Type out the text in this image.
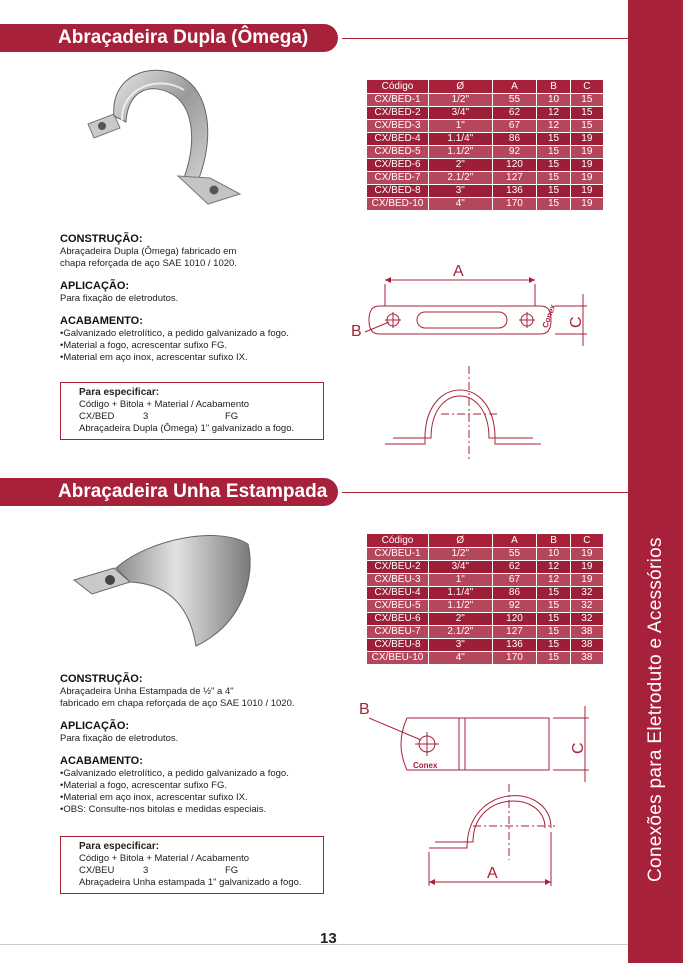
Conexões para Eletroduto e Acessórios
Abraçadeira Dupla (Ômega)
Código	Ø	A	B	C
CX/BED-1	1/2"	55	10	15
CX/BED-2	3/4"	62	12	15
CX/BED-3	1"	67	12	15
CX/BED-4	1.1/4"	86	15	19
CX/BED-5	1.1/2"	92	15	19
CX/BED-6	2"	120	15	19
CX/BED-7	2.1/2"	127	15	19
CX/BED-8	3"	136	15	19
CX/BED-10	4"	170	15	19
CONSTRUÇÃO:
Abraçadeira Dupla (Ômega) fabricado em
chapa reforçada de aço SAE 1010 / 1020.
APLICAÇÃO:
Para fixação de eletrodutos.
ACABAMENTO:
• Galvanizado eletrolítico, a pedido galvanizado a fogo.
• Material a fogo, acrescentar sufixo FG.
• Material em aço inox, acrescentar sufixo IX.
Para especificar:
Código + Bitola + Material / Acabamento
CX/BED	3	FG
Abraçadeira Dupla (Ômega) 1" galvanizado a fogo.
A
Conex C
B
Abraçadeira Unha Estampada
Código	Ø	A	B	C
CX/BEU-1	1/2"	55	10	19
CX/BEU-2	3/4"	62	12	19
CX/BEU-3	1"	67	12	19
CX/BEU-4	1.1/4"	86	15	32
CX/BEU-5	1.1/2"	92	15	32
CX/BEU-6	2"	120	15	32
CX/BEU-7	2.1/2"	127	15	38
CX/BEU-8	3"	136	15	38
CX/BEU-10	4"	170	15	38
CONSTRUÇÃO:
Abraçadeira Unha Estampada de ½" a 4"
fabricado em chapa reforçada de aço SAE 1010 / 1020.
APLICAÇÃO:
Para fixação de eletrodutos.
ACABAMENTO:
• Galvanizado eletrolítico, a pedido galvanizado a fogo.
• Material a fogo, acrescentar sufixo FG.
• Material em aço inox, acrescentar sufixo IX.
• OBS: Consulte-nos bitolas e medidas especiais.
Para especificar:
Código + Bitola + Material / Acabamento
CX/BEU	3	FG
Abraçadeira Unha estampada 1" galvanizado a fogo.
B
Conex
C
A
13
